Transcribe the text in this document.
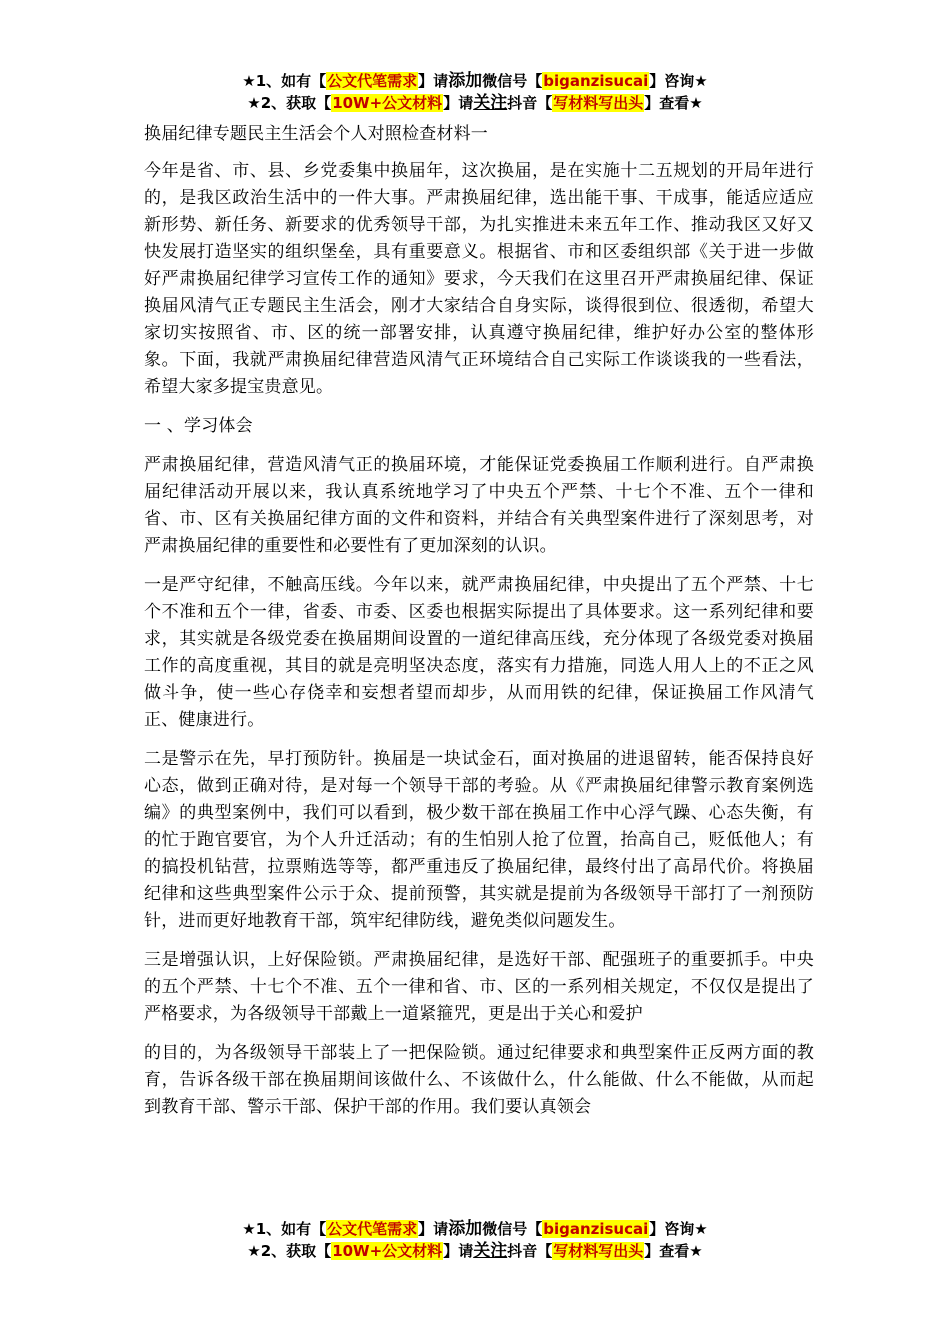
★1、如有【公文代笔需求】请添加微信号【biganzisucai】咨询★
★2、获取【10W+公文材料】请关注抖音【写材料写出头】查看★

换届纪律专题民主生活会个人对照检查材料一

今年是省、市、县、乡党委集中换届年，这次换届，是在实施十二五规划的开局年进行的，是我区政治生活中的一件大事。严肃换届纪律，选出能干事、干成事，能适应适应新形势、新任务、新要求的优秀领导干部，为扎实推进未来五年工作、推动我区又好又快发展打造坚实的组织堡垒，具有重要意义。根据省、市和区委组织部《关于进一步做好严肃换届纪律学习宣传工作的通知》要求，今天我们在这里召开严肃换届纪律、保证换届风清气正专题民主生活会，刚才大家结合自身实际，谈得很到位、很透彻，希望大家切实按照省、市、区的统一部署安排，认真遵守换届纪律，维护好办公室的整体形象。下面，我就严肃换届纪律营造风清气正环境结合自己实际工作谈谈我的一些看法，希望大家多提宝贵意见。

一 、学习体会

严肃换届纪律，营造风清气正的换届环境，才能保证党委换届工作顺利进行。自严肃换届纪律活动开展以来，我认真系统地学习了中央五个严禁、十七个不准、五个一律和省、市、区有关换届纪律方面的文件和资料，并结合有关典型案件进行了深刻思考，对严肃换届纪律的重要性和必要性有了更加深刻的认识。

一是严守纪律，不触高压线。今年以来，就严肃换届纪律，中央提出了五个严禁、十七个不准和五个一律，省委、市委、区委也根据实际提出了具体要求。这一系列纪律和要求，其实就是各级党委在换届期间设置的一道纪律高压线，充分体现了各级党委对换届工作的高度重视，其目的就是亮明坚决态度，落实有力措施，同选人用人上的不正之风做斗争，使一些心存侥幸和妄想者望而却步，从而用铁的纪律，保证换届工作风清气正、健康进行。

二是警示在先，早打预防针。换届是一块试金石，面对换届的进退留转，能否保持良好心态，做到正确对待，是对每一个领导干部的考验。从《严肃换届纪律警示教育案例选编》的典型案例中，我们可以看到，极少数干部在换届工作中心浮气躁、心态失衡，有的忙于跑官要官，为个人升迁活动；有的生怕别人抢了位置，抬高自己，贬低他人；有的搞投机钻营，拉票贿选等等，都严重违反了换届纪律，最终付出了高昂代价。将换届纪律和这些典型案件公示于众、提前预警，其实就是提前为各级领导干部打了一剂预防针，进而更好地教育干部，筑牢纪律防线，避免类似问题发生。

三是增强认识，上好保险锁。严肃换届纪律，是选好干部、配强班子的重要抓手。中央的五个严禁、十七个不准、五个一律和省、市、区的一系列相关规定，不仅仅是提出了严格要求，为各级领导干部戴上一道紧箍咒，更是出于关心和爱护

的目的，为各级领导干部装上了一把保险锁。通过纪律要求和典型案件正反两方面的教育，告诉各级干部在换届期间该做什么、不该做什么，什么能做、什么不能做，从而起到教育干部、警示干部、保护干部的作用。我们要认真领会

★1、如有【公文代笔需求】请添加微信号【biganzisucai】咨询★
★2、获取【10W+公文材料】请关注抖音【写材料写出头】查看★
